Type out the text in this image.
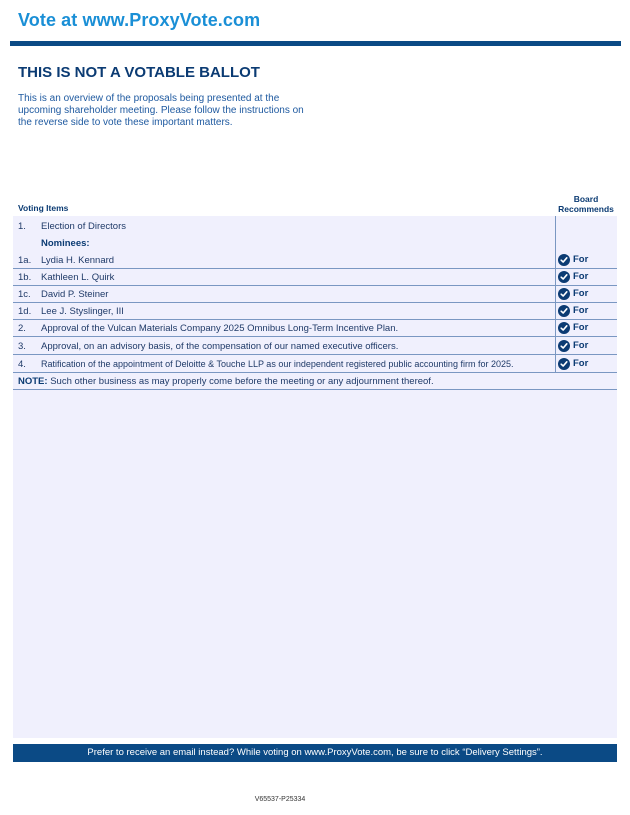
Vote at www.ProxyVote.com
THIS IS NOT A VOTABLE BALLOT
This is an overview of the proposals being presented at the upcoming shareholder meeting. Please follow the instructions on the reverse side to vote these important matters.
Board
Recommends
Voting Items
1. Election of Directors
Nominees:
1a. Lydia H. Kennard	For
1b. Kathleen L. Quirk	For
1c. David P. Steiner	For
1d. Lee J. Styslinger, III	For
2. Approval of the Vulcan Materials Company 2025 Omnibus Long-Term Incentive Plan.	For
3. Approval, on an advisory basis, of the compensation of our named executive officers.	For
4. Ratification of the appointment of Deloitte & Touche LLP as our independent registered public accounting firm for 2025.	For
NOTE: Such other business as may properly come before the meeting or any adjournment thereof.
Prefer to receive an email instead? While voting on www.ProxyVote.com, be sure to click “Delivery Settings”.
V65537-P25334
